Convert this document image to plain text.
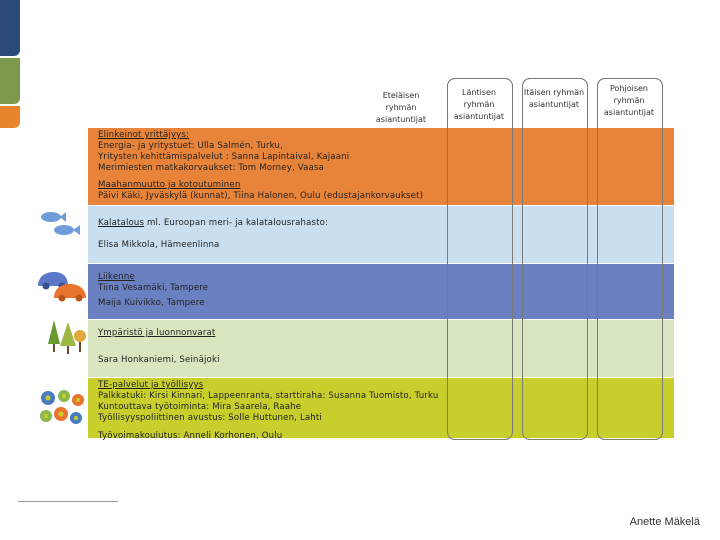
Eteläisen ryhmän asiantuntijat
Läntisen ryhmän asiantuntijat
Itäisen ryhmän asiantuntijat
Pohjoisen ryhmän asiantuntijat
Elinkeinot yrittäjyys:
Energia- ja yritystuet: Ulla Salmén, Turku,
Yritysten kehittämispalvelut : Sanna Lapintaival, Kajaani
Merimiesten matkakorvaukset: Tom Morney, Vaasa
Maahanmuutto ja kotoutuminen
Päivi Käki, Jyväskylä (kunnat), Tiina Halonen, Oulu (edustajankorvaukset)
Kalatalous ml. Euroopan meri- ja kalatalousrahasto:
Elisa Mikkola, Hämeenlinna
Liikenne
Tiina Vesamäki, Tampere
Maija Kuivikko, Tampere
Ympäristö ja luonnonvarat
Sara Honkaniemi, Seinäjoki
TE-palvelut ja työllisyys
Palkkatuki: Kirsi Kinnari, Lappeenranta, starttiraha: Susanna Tuomisto, Turku
Kuntouttava työtoiminta: Mira Saarela, Raahe
Työllisyyspoliittinen avustus: Solle Huttunen, Lahti
Työvoimakoulutus: Anneli Korhonen, Oulu
Anette Mäkelä
